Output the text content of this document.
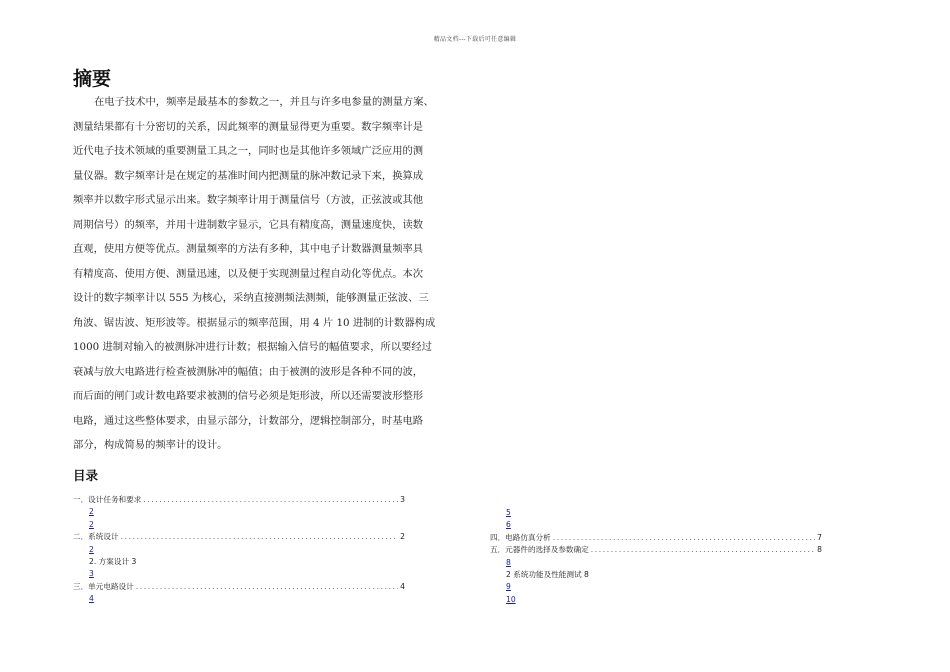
精品文档---下载后可任意编辑
摘要

在电子技术中，频率是最基本的参数之一，并且与许多电参量的测量方案、

测量结果都有十分密切的关系，因此频率的测量显得更为重要。数字频率计是

近代电子技术领域的重要测量工具之一，同时也是其他许多领域广泛应用的测

量仪器。数字频率计是在规定的基准时间内把测量的脉冲数记录下来，换算成

频率并以数字形式显示出来。数字频率计用于测量信号（方波，正弦波或其他

周期信号）的频率，并用十进制数字显示，它具有精度高，测量速度快，读数

直观，使用方便等优点。测量频率的方法有多种，其中电子计数器测量频率具

有精度高、使用方便、测量迅速，以及便于实现测量过程自动化等优点。本次

设计的数字频率计以 555 为核心，采纳直接测频法测频，能够测量正弦波、三

角波、锯齿波、矩形波等。根据显示的频率范围，用 4 片 10 进制的计数器构成

1000 进制对输入的被测脉冲进行计数；根据输入信号的幅值要求，所以要经过

衰减与放大电路进行检查被测脉冲的幅值；由于被测的波形是各种不同的波，

而后面的闸门或计数电路要求被测的信号必须是矩形波，所以还需要波形整形

电路，通过这些整体要求，由显示部分，计数部分，逻辑控制部分，时基电路

部分，构成简易的频率计的设计。

目录
一．设计任务和要求 .....	3
2
2
二．系统设计 .....	2
2
2. 方案设计 3
3
三．单元电路设计 .....	4
4
5
6
四．电路仿真分析 .....	7
五．元器件的选择及参数确定 .....	8
8
2 系统功能及性能测试 8
9
10
